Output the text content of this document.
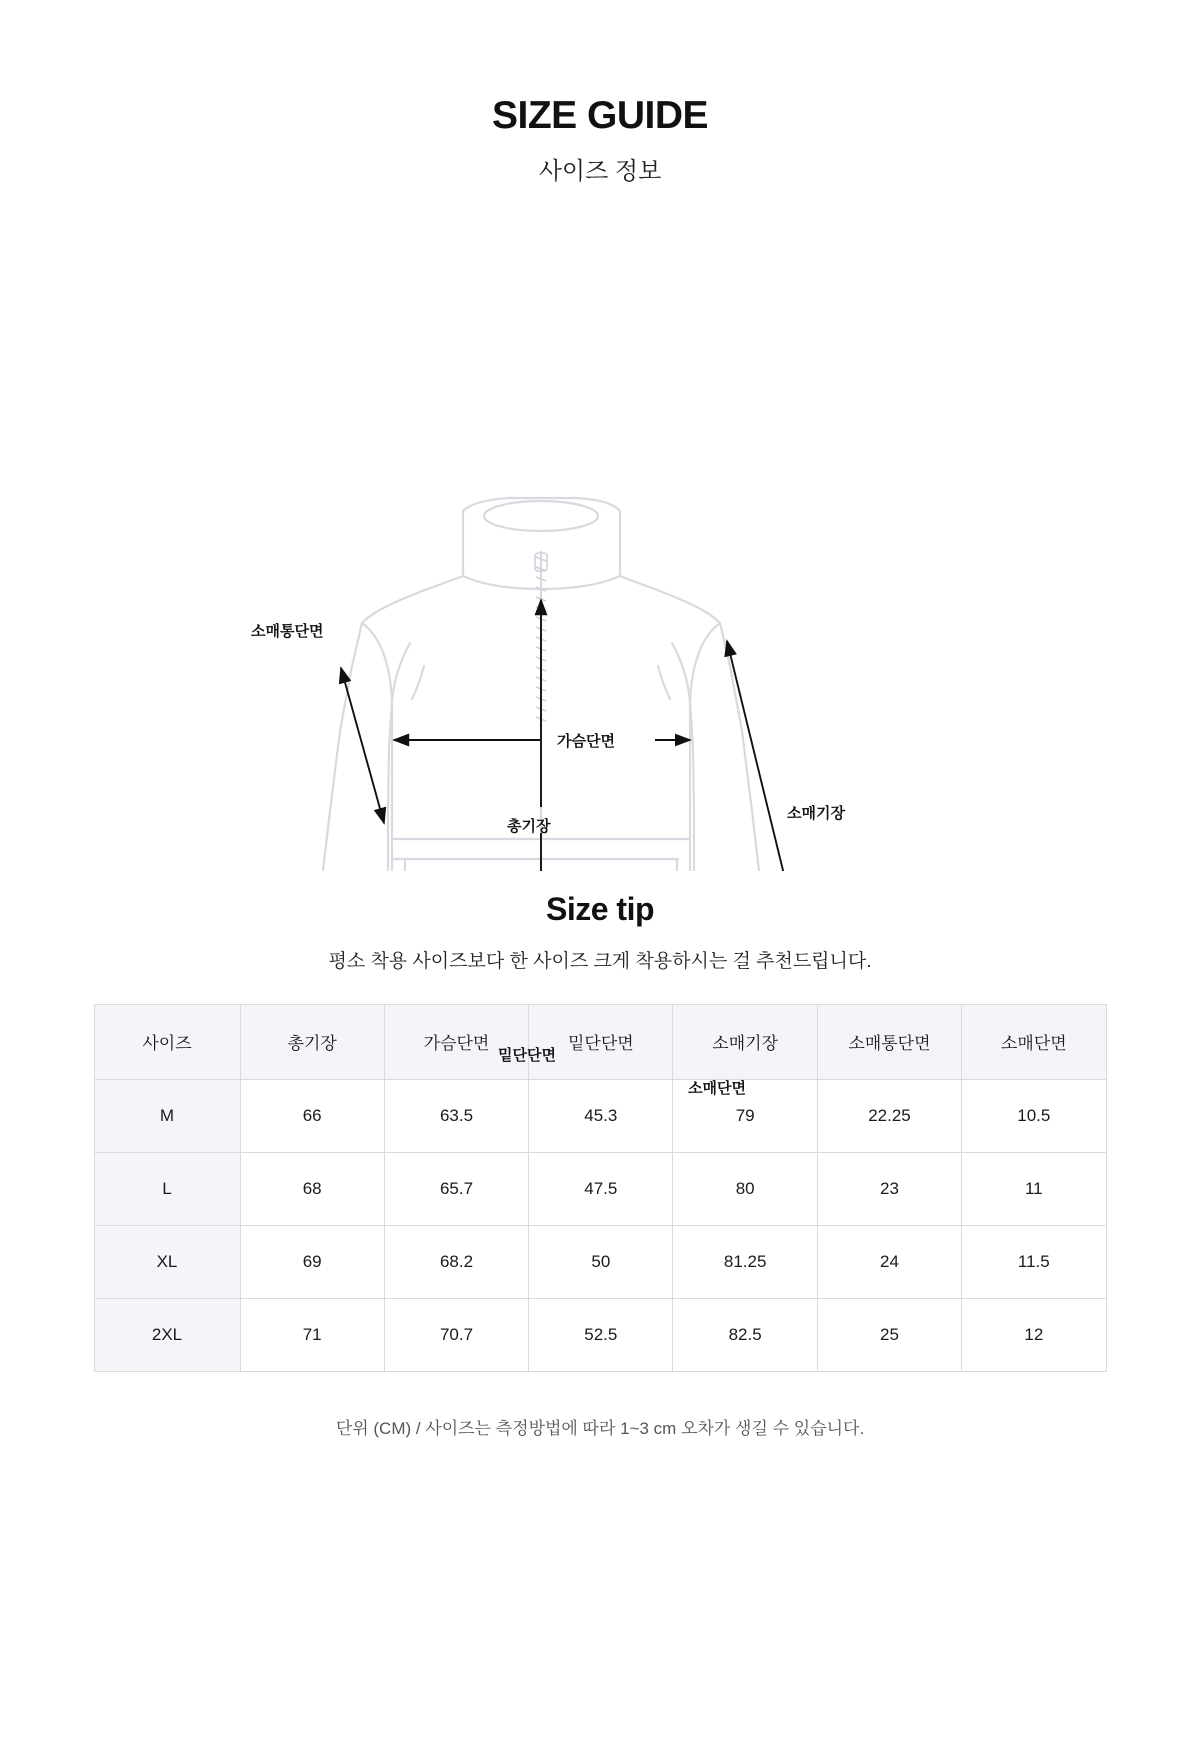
SIZE GUIDE
사이즈 정보
소매통단면
가슴단면
총기장
소매기장
밑단단면
소매단면
Size tip
평소 착용 사이즈보다 한 사이즈 크게 착용하시는 걸 추천드립니다.
사이즈	총기장	가슴단면	밑단단면	소매기장	소매통단면	소매단면
M	66	63.5	45.3	79	22.25	10.5
L	68	65.7	47.5	80	23	11
XL	69	68.2	50	81.25	24	11.5
2XL	71	70.7	52.5	82.5	25	12
단위 (CM) / 사이즈는 측정방법에 따라 1~3 cm 오차가 생길 수 있습니다.
